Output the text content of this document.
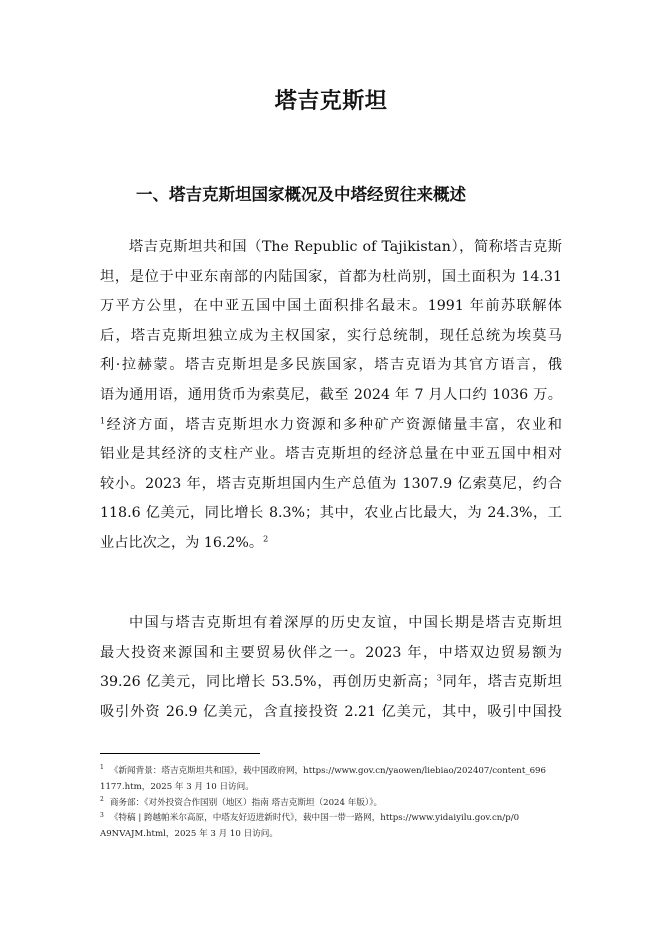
塔吉克斯坦
一、塔吉克斯坦国家概况及中塔经贸往来概述
塔吉克斯坦共和国（The Republic of Tajikistan），简称塔吉克斯
坦，是位于中亚东南部的内陆国家，首都为杜尚别，国土面积为 14.31
万平方公里，在中亚五国中国土面积排名最末。1991 年前苏联解体
后，塔吉克斯坦独立成为主权国家，实行总统制，现任总统为埃莫马
利·拉赫蒙。塔吉克斯坦是多民族国家，塔吉克语为其官方语言，俄
语为通用语，通用货币为索莫尼，截至 2024 年 7 月人口约 1036 万。
$^1$经济方面，塔吉克斯坦水力资源和多种矿产资源储量丰富，农业和
铝业是其经济的支柱产业。塔吉克斯坦的经济总量在中亚五国中相对
较小。2023 年，塔吉克斯坦国内生产总值为 1307.9 亿索莫尼，约合
118.6 亿美元，同比增长 8.3%；其中，农业占比最大，为 24.3%，工
业占比次之，为 16.2%。$^2$
中国与塔吉克斯坦有着深厚的历史友谊，中国长期是塔吉克斯坦
最大投资来源国和主要贸易伙伴之一。2023 年，中塔双边贸易额为
39.26 亿美元，同比增长 53.5%，再创历史新高；$^3$同年，塔吉克斯坦
吸引外资 26.9 亿美元，含直接投资 2.21 亿美元，其中，吸引中国投
$^1$ 《新闻背景：塔吉克斯坦共和国》，载中国政府网，https://www.gov.cn/yaowen/liebiao/202407/content_696
1177.htm，2025 年 3 月 10 日访问。
$^2$ 商务部：《对外投资合作国别（地区）指南 塔吉克斯坦（2024 年版）》。
$^3$ 《特稿 | 跨越帕米尔高原，中塔友好迈进新时代》，载中国一带一路网，https://www.yidaiyilu.gov.cn/p/0
A9NVAJM.html，2025 年 3 月 10 日访问。
